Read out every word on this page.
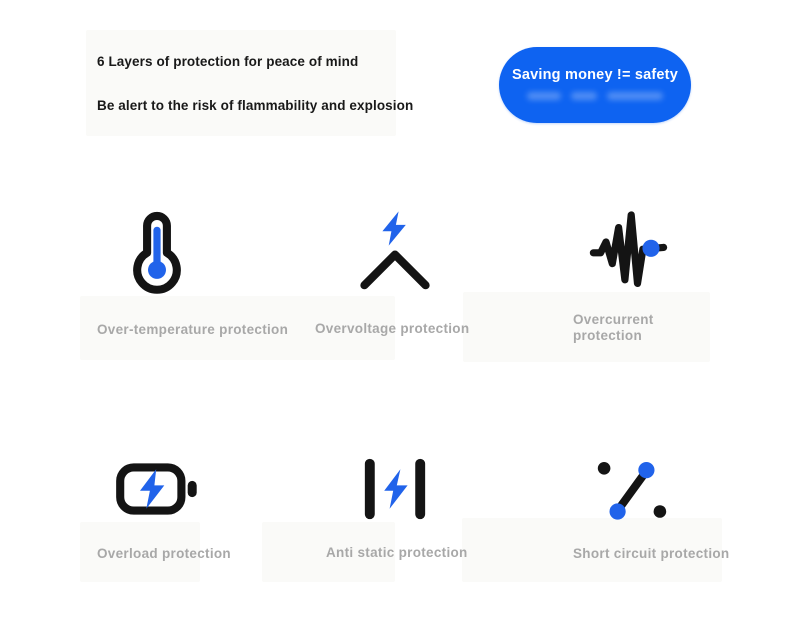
6 Layers of protection for peace of mind
Be alert to the risk of flammability and explosion
Saving money != safety
Over-temperature protection Overvoltage protection
Overcurrent protection
Overload protection	Anti static protection	Short circuit protection
